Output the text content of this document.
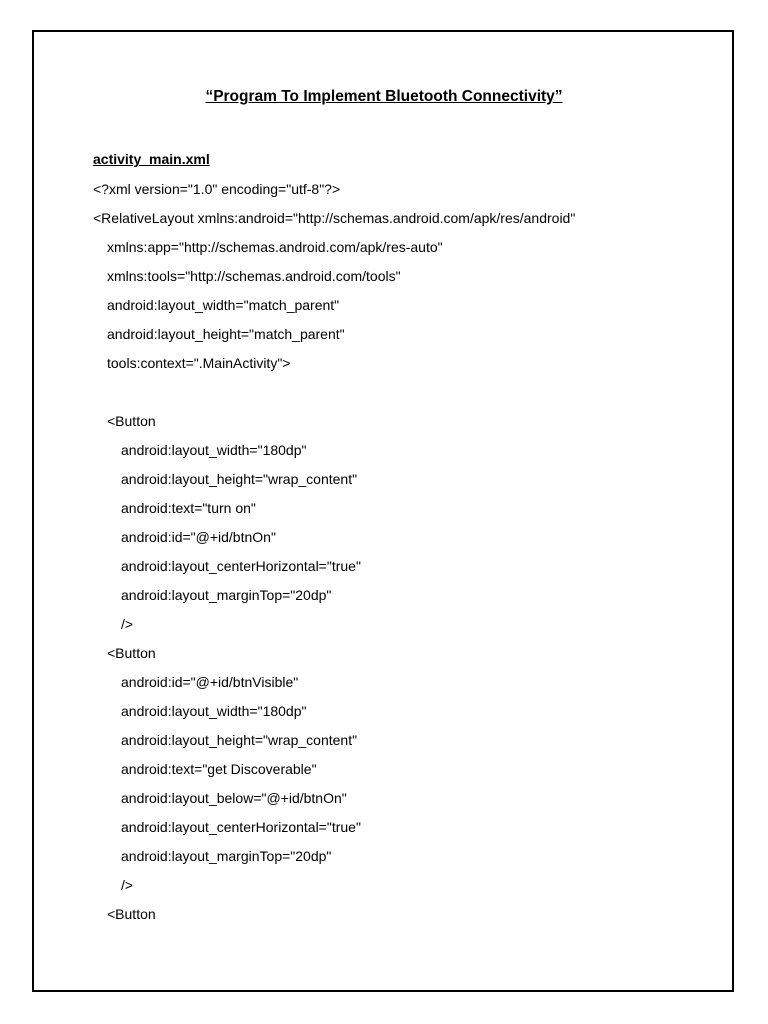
“Program To Implement Bluetooth Connectivity”
activity_main.xml
<?xml version="1.0" encoding="utf-8"?>
<RelativeLayout xmlns:android="http://schemas.android.com/apk/res/android"
xmlns:app="http://schemas.android.com/apk/res-auto"
xmlns:tools="http://schemas.android.com/tools"
android:layout_width="match_parent"
android:layout_height="match_parent"
tools:context=".MainActivity">
<Button
android:layout_width="180dp"
android:layout_height="wrap_content"
android:text="turn on"
android:id="@+id/btnOn"
android:layout_centerHorizontal="true"
android:layout_marginTop="20dp"
/>
<Button
android:id="@+id/btnVisible"
android:layout_width="180dp"
android:layout_height="wrap_content"
android:text="get Discoverable"
android:layout_below="@+id/btnOn"
android:layout_centerHorizontal="true"
android:layout_marginTop="20dp"
/>
<Button
